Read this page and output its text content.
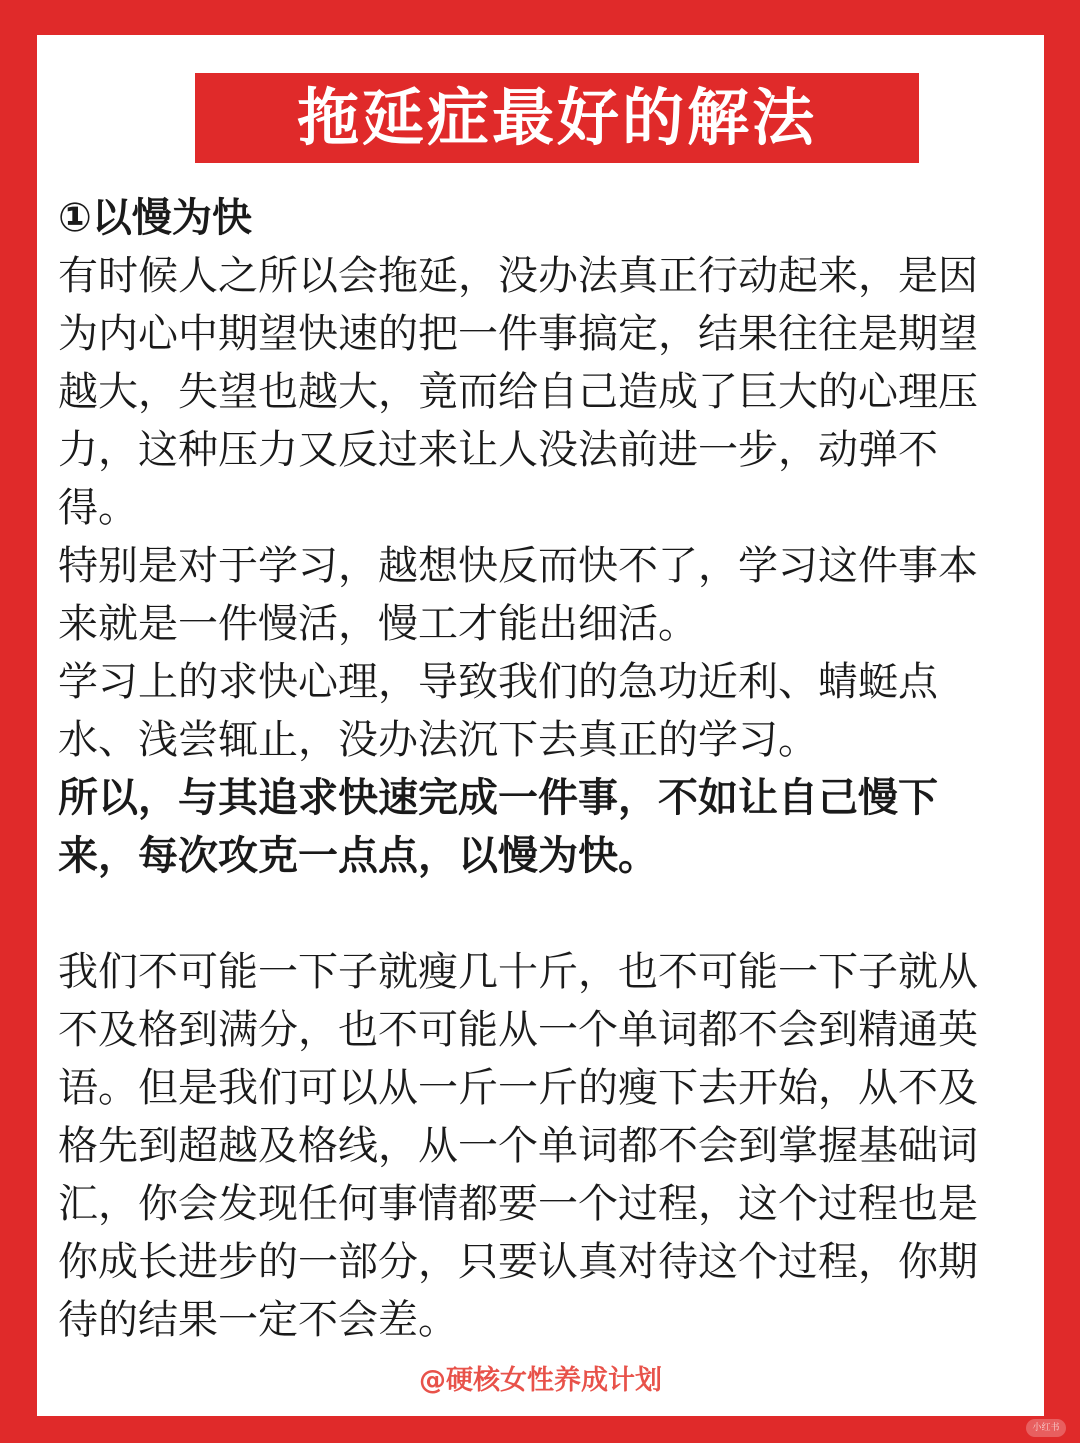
拖延症最好的解法

①以慢为快

有时候人之所以会拖延，没办法真正行动起来，是因为内心中期望快速的把一件事搞定，结果往往是期望越大，失望也越大，竟而给自己造成了巨大的心理压力，这种压力又反过来让人没法前进一步，动弹不得。

特别是对于学习，越想快反而快不了，学习这件事本来就是一件慢活，慢工才能出细活。

学习上的求快心理，导致我们的急功近利、蜻蜓点水、浅尝辄止，没办法沉下去真正的学习。

所以，与其追求快速完成一件事，不如让自己慢下来，每次攻克一点点，以慢为快。

我们不可能一下子就瘦几十斤，也不可能一下子就从不及格到满分，也不可能从一个单词都不会到精通英语。但是我们可以从一斤一斤的瘦下去开始，从不及格先到超越及格线，从一个单词都不会到掌握基础词汇，你会发现任何事情都要一个过程，这个过程也是你成长进步的一部分，只要认真对待这个过程，你期待的结果一定不会差。

@硬核女性养成计划
小红书
